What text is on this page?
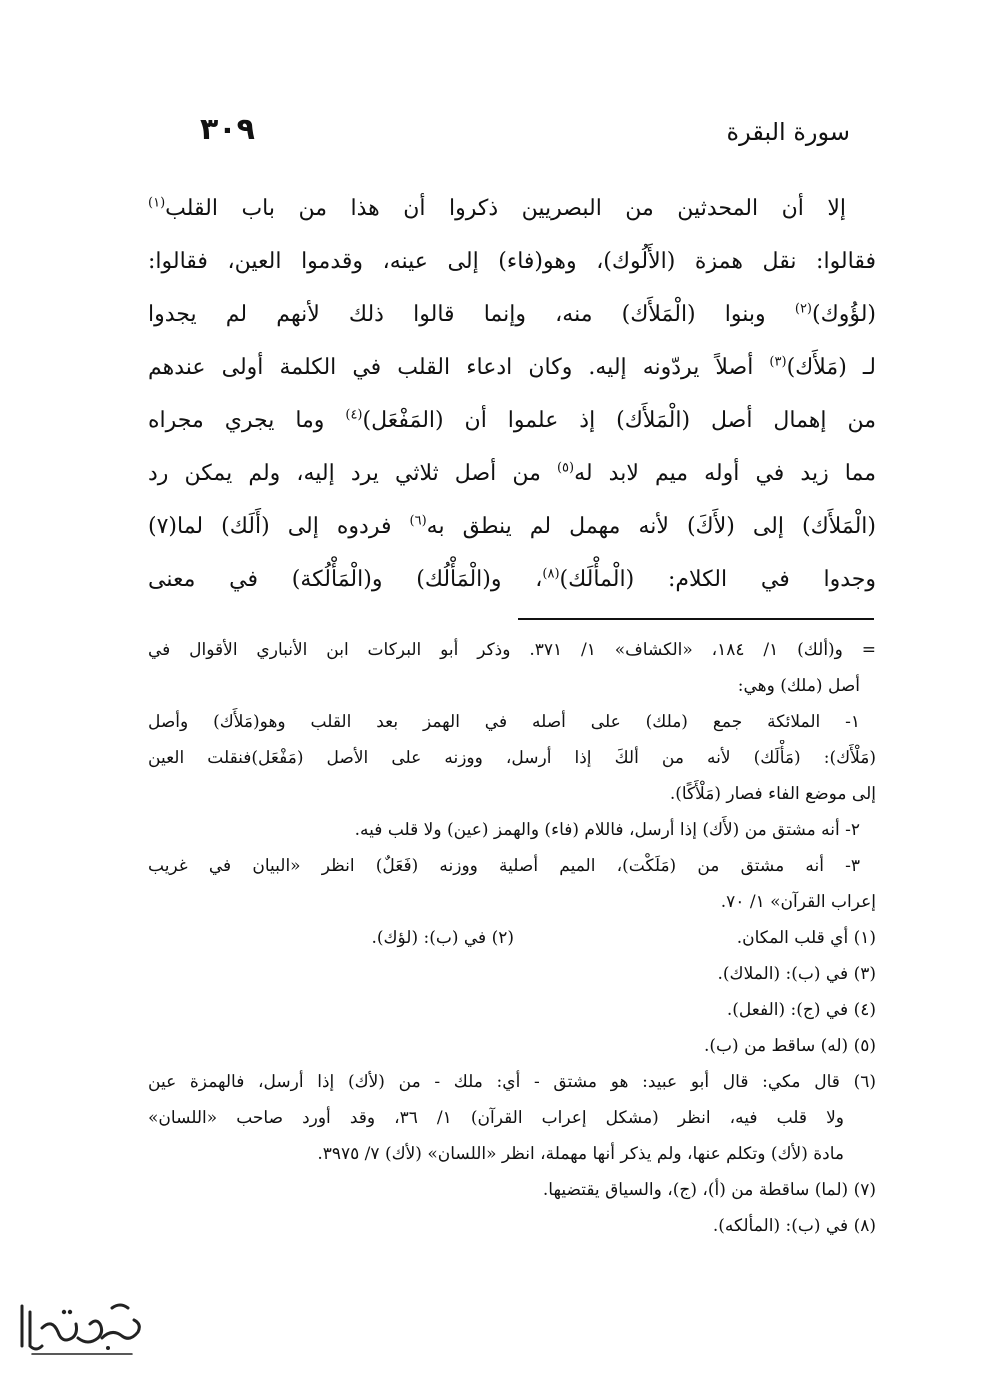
٣٠٩	سورة البقرة
إلا أن المحدثين من البصريين ذكروا أن هذا من باب القلب$^{(١)}$
فقالوا: نقل همزة (الأَلُوك)، وهو(فاء) إلى عينه، وقدموا العين، فقالوا:
(لؤُوك)$^{(٢)}$ وبنوا (الْمَلأَك) منه، وإنما قالوا ذلك لأنهم لم يجدوا
لـ (مَلأَك)$^{(٣)}$ أصلاً يردّونه إليه. وكان ادعاء القلب في الكلمة أولى عندهم
من إهمال أصل (الْمَلأَك) إذ علموا أن (المَفْعَل)$^{(٤)}$ وما يجري مجراه
مما زيد في أوله ميم لابد له$^{(٥)}$ من أصل ثلاثي يرد إليه، ولم يمكن رد
(الْمَلأَك) إلى (لأَكَ) لأنه مهمل لم ينطق به$^{(٦)}$ فردوه إلى (أَلَك) لما(٧)
وجدوا في الكلام: (الْمأْلَك)$^{(٨)}$، و(الْمَأْلُك) و(الْمَأْلُكة) في معنى
= و(ألك) ١/ ١٨٤، «الكشاف» ١/ ٣٧١. وذكر أبو البركات ابن الأنباري الأقوال في
أصل (ملك) وهي:
١- الملائكة جمع (ملك) على أصله في الهمز بعد القلب وهو(مَلأَك) وأصل
(مَلْأَك): (مَأْلَك) لأنه من ألكَ إذا أرسل، ووزنه على الأصل (مَفْعَل)فنقلت العين
إلى موضع الفاء فصار (مَلْأَكًا).
٢- أنه مشتق من (لأَك) إذا أرسل، فاللام (فاء) والهمز (عين) ولا قلب فيه.
٣- أنه مشتق من (مَلَكْت)، الميم أصلية ووزنه (فَعَلٌ) انظر «البيان في غريب
إعراب القرآن» ١/ ٧٠.
(١) أي قلب المكان.
(٢) في (ب): (لؤك).
(٣) في (ب): (الملاك).
(٤) في (ج): (الفعل).
(٥) (له) ساقط من (ب).
(٦) قال مكي: قال أبو عبيد: هو مشتق - أي: ملك - من (لأك) إذا أرسل، فالهمزة عين
ولا قلب فيه، انظر (مشكل إعراب القرآن) ١/ ٣٦، وقد أورد صاحب «اللسان»
مادة (لأك) وتكلم عنها، ولم يذكر أنها مهملة، انظر «اللسان» (لأك) ٧/ ٣٩٧٥.
(٧) (لما) ساقطة من (أ)، (ج)، والسياق يقتضيها.
(٨) في (ب): (المألكه).
